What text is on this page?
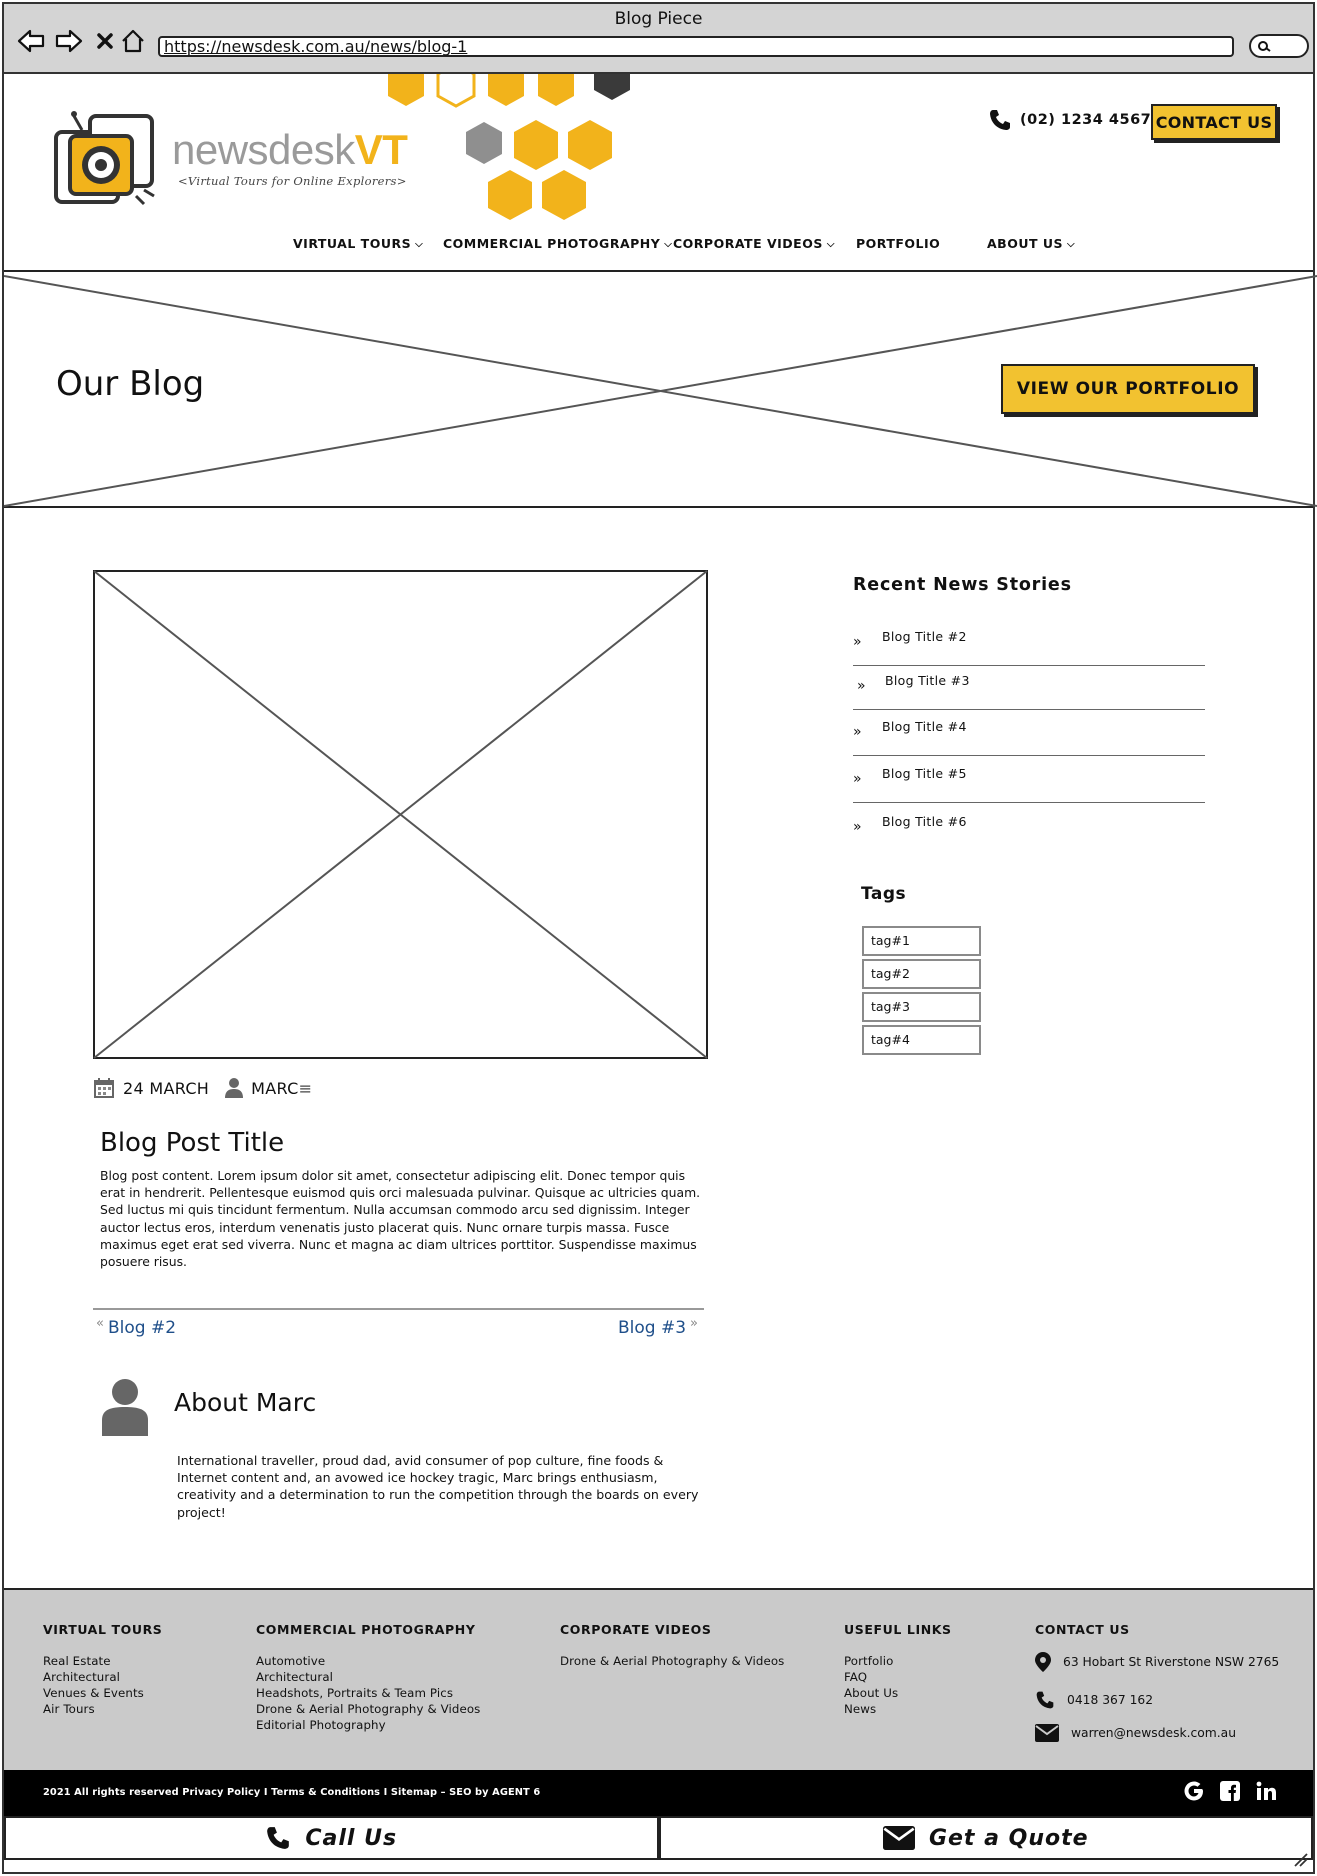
Blog Piece
https://newsdesk.com.au/news/blog-1
newsdeskVT
<Virtual Tours for Online Explorers>
(02) 1234 4567 CONTACT US
VIRTUAL TOURS ⌵ COMMERCIAL PHOTOGRAPHY ⌵ CORPORATE VIDEOS ⌵ PORTFOLIO	ABOUT US ⌵
Our Blog	VIEW OUR PORTFOLIO
24 MARCH	MARC ≡
Blog Post Title
Blog post content. Lorem ipsum dolor sit amet, consectetur adipiscing elit. Donec tempor quis erat in hendrerit. Pellentesque euismod quis orci malesuada pulvinar. Quisque ac ultricies quam. Sed luctus mi quis tincidunt fermentum. Nulla accumsan commodo arcu sed dignissim. Integer auctor lectus eros, interdum venenatis justo placerat quis. Nunc ornare turpis massa. Fusce maximus eget erat sed viverra. Nunc et magna ac diam ultrices porttitor. Suspendisse maximus posuere risus.
« Blog #2	Blog #3 »
About Marc
International traveller, proud dad, avid consumer of pop culture, fine foods & Internet content and, an avowed ice hockey tragic, Marc brings enthusiasm, creativity and a determination to run the competition through the boards on every project!
Recent News Stories
» Blog Title #2
» Blog Title #3
» Blog Title #4
» Blog Title #5
» Blog Title #6
Tags
tag#1
tag#2
tag#3
tag#4
VIRTUAL TOURS
Real Estate
Architectural
Venues & Events
Air Tours
COMMERCIAL PHOTOGRAPHY
Automotive
Architectural
Headshots, Portraits & Team Pics
Drone & Aerial Photography & Videos
Editorial Photography
CORPORATE VIDEOS
Drone & Aerial Photography & Videos
USEFUL LINKS
Portfolio
FAQ
About Us
News
CONTACT US
63 Hobart St Riverstone NSW 2765
0418 367 162
warren@newsdesk.com.au
2021 All rights reserved Privacy Policy I Terms & Conditions I Sitemap – SEO by AGENT 6
Call Us	Get a Quote
